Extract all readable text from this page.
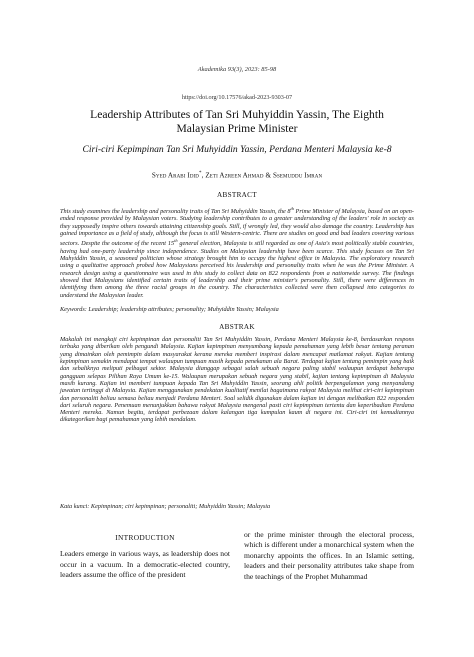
Akademika 93(3), 2023: 85-98
https://doi.org/10.17576/akad-2023-9303-07
Leadership Attributes of Tan Sri Muhyiddin Yassin, The Eighth Malaysian Prime Minister
Ciri-ciri Kepimpinan Tan Sri Muhyiddin Yassin, Perdana Menteri Malaysia ke-8
Syed Arabi Idid*, Zeti Azreen Ahmad & Ssemuddu Imran
ABSTRACT
This study examines the leadership and personality traits of Tan Sri Muhyiddin Yassin, the 8th Prime Minister of Malaysia, based on an open-ended response provided by Malaysian voters. Studying leadership contributes to a greater understanding of the leaders' role in society as they supposedly inspire others towards attaining citizenship goals. Still, if wrongly led, they would also damage the country. Leadership has gained importance as a field of study, although the focus is still Western-centric. There are studies on good and bad leaders covering various sectors. Despite the outcome of the recent 15th general election, Malaysia is still regarded as one of Asia's most politically stable countries, having had one-party leadership since independence. Studies on Malaysian leadership have been scarce. This study focuses on Tan Sri Muhyiddin Yassin, a seasoned politician whose strategy brought him to occupy the highest office in Malaysia. The exploratory research using a qualitative approach probed how Malaysians perceived his leadership and personality traits when he was the Prime Minister. A research design using a questionnaire was used in this study to collect data on 822 respondents from a nationwide survey. The findings showed that Malaysians identified certain traits of leadership and their prime minister's personality. Still, there were differences in identifying them among the three racial groups in the country. The characteristics collected were then collapsed into categories to understand the Malaysian leader.
Keywords: Leadership; leadership attributes; personality; Muhyiddin Yassin; Malaysia
ABSTRAK
Makalah ini mengkaji ciri kepimpinan dan personaliti Tan Sri Muhyiddin Yassin, Perdana Menteri Malaysia ke-8, berdasarkan respons terbuka yang diberikan oleh pengundi Malaysia. Kajian kepimpinan menyumbang kepada pemahaman yang lebih besar tentang peranan yang dimainkan oleh pemimpin dalam masyarakat kerana mereka memberi inspirasi dalam mencapai matlamat rakyat. Kajian tentang kepimpinan semakin mendapat tempat walaupun tumpuan masih kepada penekanan ala Barat. Terdapat kajian tentang pemimpin yang baik dan sebaliknya meliputi pelbagai sektor. Malaysia dianggap sebagai salah sebuah negara paling stabil walaupun terdapat beberapa gangguan selepas Pilihan Raya Umum ke-15. Walaupun merupakan sebuah negara yang stabil, kajian tentang kepimpinan di Malaysia masih kurang. Kajian ini memberi tumpuan kepada Tan Sri Muhyiddin Yassin, seorang ahli politik berpengalaman yang menyandang jawatan tertinggi di Malaysia. Kajian menggunakan pendekatan kualitatif menilai bagaimana rakyat Malaysia melihat ciri-ciri kepimpinan dan personaliti beliau semasa beliau menjadi Perdana Menteri. Soal selidik digunakan dalam kajian ini dengan melibatkan 822 responden dari seluruh negara. Penemuan menunjukkan bahawa rakyat Malaysia mengenal pasti ciri kepimpinan tertentu dan keperibadian Perdana Menteri mereka. Namun begitu, terdapat perbezaan dalam kalangan tiga kumpulan kaum di negara ini. Ciri-ciri ini kemudiannya dikategorikan bagi pemahaman yang lebih mendalam.
Kata kunci: Kepimpinan; ciri kepimpinan; personaliti; Muhyiddin Yassin; Malaysia
INTRODUCTION

Leaders emerge in various ways, as leadership does not occur in a vacuum. In a democratic-elected country, leaders assume the office of the president

or the prime minister through the electoral process, which is different under a monarchical system when the monarchy appoints the offices. In an Islamic setting, leaders and their personality attributes take shape from the teachings of the Prophet Muhammad
